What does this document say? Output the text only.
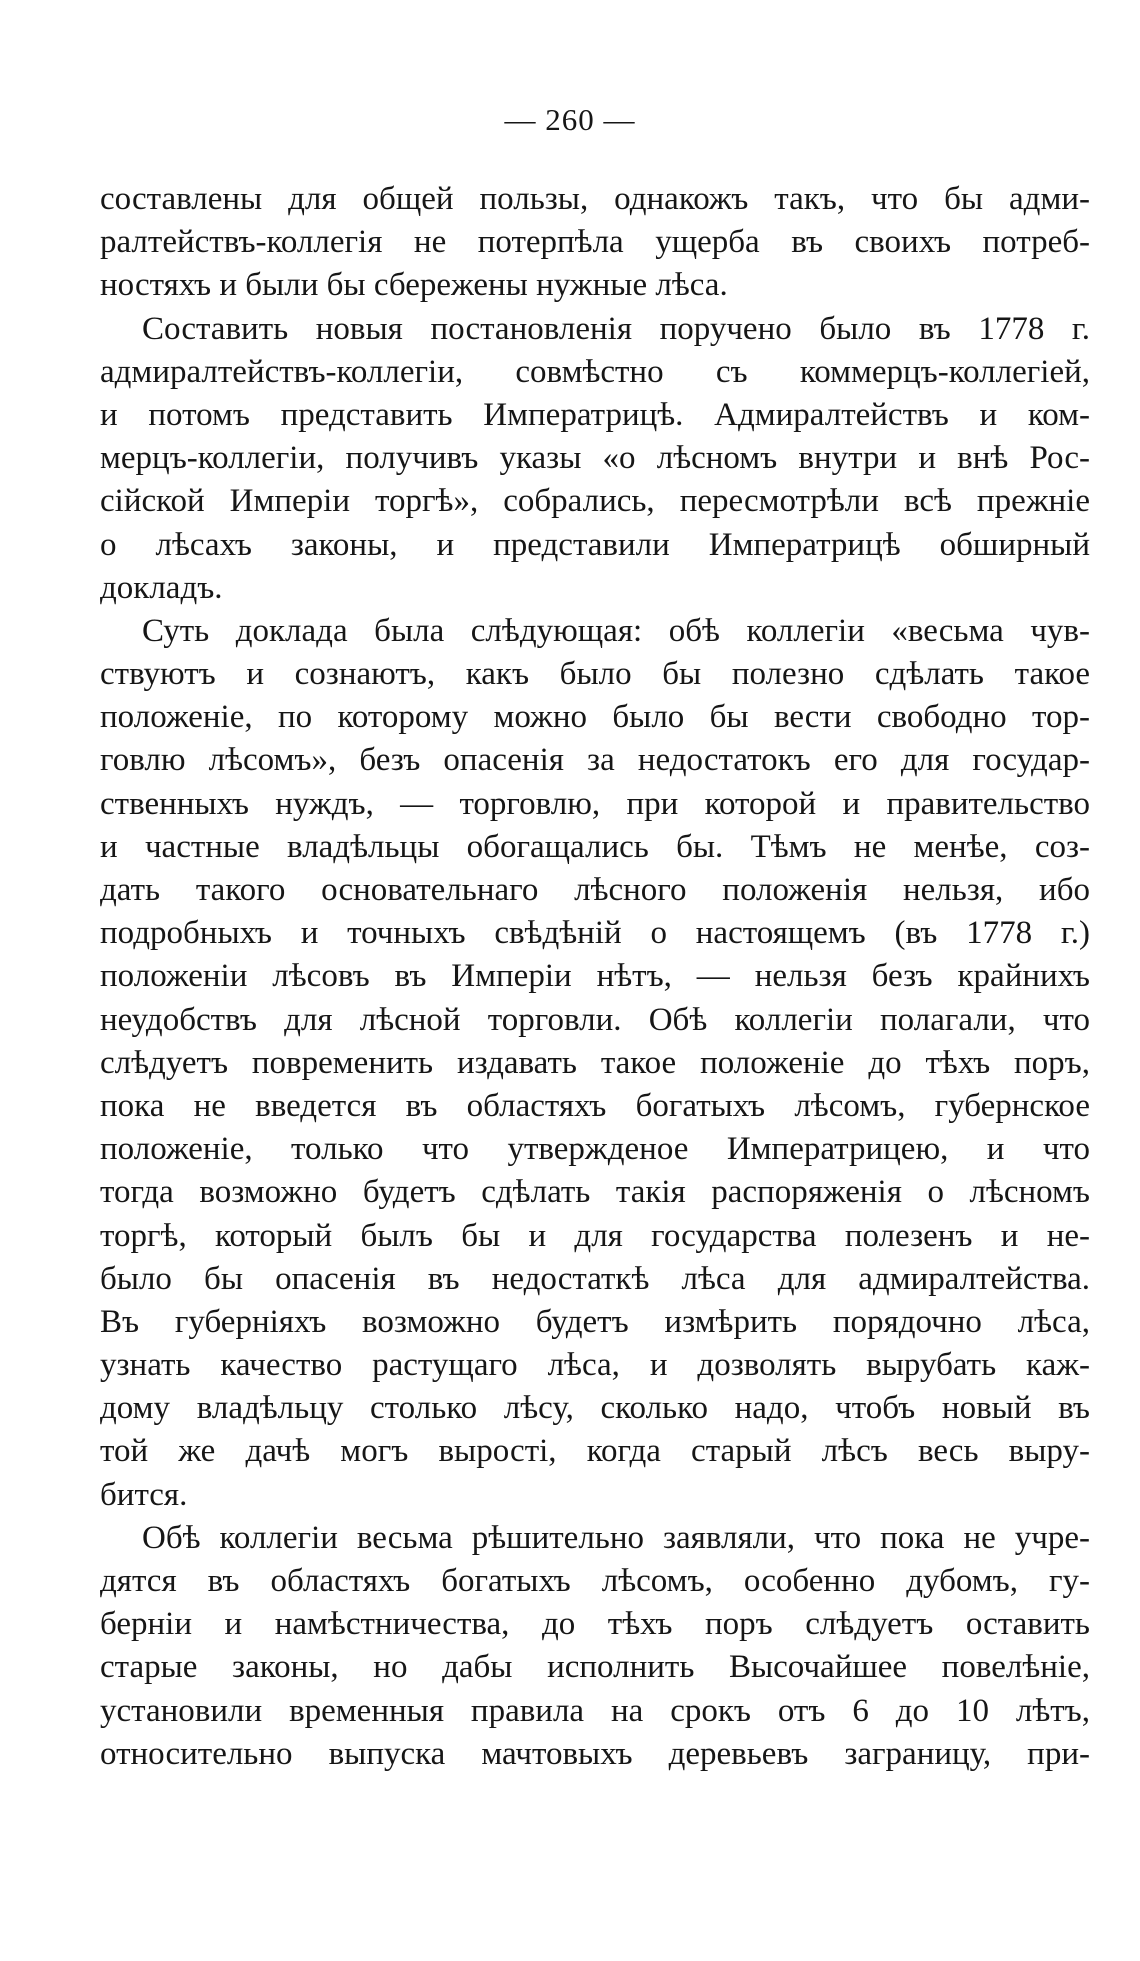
— 260 —
составлены для общей пользы, однакожъ такъ, что бы адми-
ралтействъ-коллегія не потерпѣла ущерба въ своихъ потреб-
ностяхъ и были бы сбережены нужные лѣса.
Составить новыя постановленія поручено было въ 1778 г.
адмиралтействъ-коллегіи, совмѣстно съ коммерцъ-коллегіей,
и потомъ представить Императрицѣ. Адмиралтействъ и ком-
мерцъ-коллегіи, получивъ указы «о лѣсномъ внутри и внѣ Рос-
сійской Имперіи торгѣ», собрались, пересмотрѣли всѣ прежніе
о лѣсахъ законы, и представили Императрицѣ обширный
докладъ.
Суть доклада была слѣдующая: обѣ коллегіи «весьма чув-
ствуютъ и сознаютъ, какъ было бы полезно сдѣлать такое
положеніе, по которому можно было бы вести свободно тор-
говлю лѣсомъ», безъ опасенія за недостатокъ его для государ-
ственныхъ нуждъ, — торговлю, при которой и правительство
и частные владѣльцы обогащались бы. Тѣмъ не менѣе, соз-
дать такого основательнаго лѣсного положенія нельзя, ибо
подробныхъ и точныхъ свѣдѣній о настоящемъ (въ 1778 г.)
положеніи лѣсовъ въ Имперіи нѣтъ, — нельзя безъ крайнихъ
неудобствъ для лѣсной торговли. Обѣ коллегіи полагали, что
слѣдуетъ повременить издавать такое положеніе до тѣхъ поръ,
пока не введется въ областяхъ богатыхъ лѣсомъ, губернское
положеніе, только что утвержденое Императрицею, и что
тогда возможно будетъ сдѣлать такія распоряженія о лѣсномъ
торгѣ, который былъ бы и для государства полезенъ и не-
было бы опасенія въ недостаткѣ лѣса для адмиралтейства.
Въ губерніяхъ возможно будетъ измѣрить порядочно лѣса,
узнать качество растущаго лѣса, и дозволять вырубать каж-
дому владѣльцу столько лѣсу, сколько надо, чтобъ новый въ
той же дачѣ могъ выростi, когда старый лѣсъ весь выру-
бится.
Обѣ коллегіи весьма рѣшительно заявляли, что пока не учре-
дятся въ областяхъ богатыхъ лѣсомъ, особенно дубомъ, гу-
берніи и намѣстничества, до тѣхъ поръ слѣдуетъ оставить
старые законы, но дабы исполнить Высочайшее повелѣніе,
установили временныя правила на срокъ отъ 6 до 10 лѣтъ,
относительно выпуска мачтовыхъ деревьевъ заграницу, при-
